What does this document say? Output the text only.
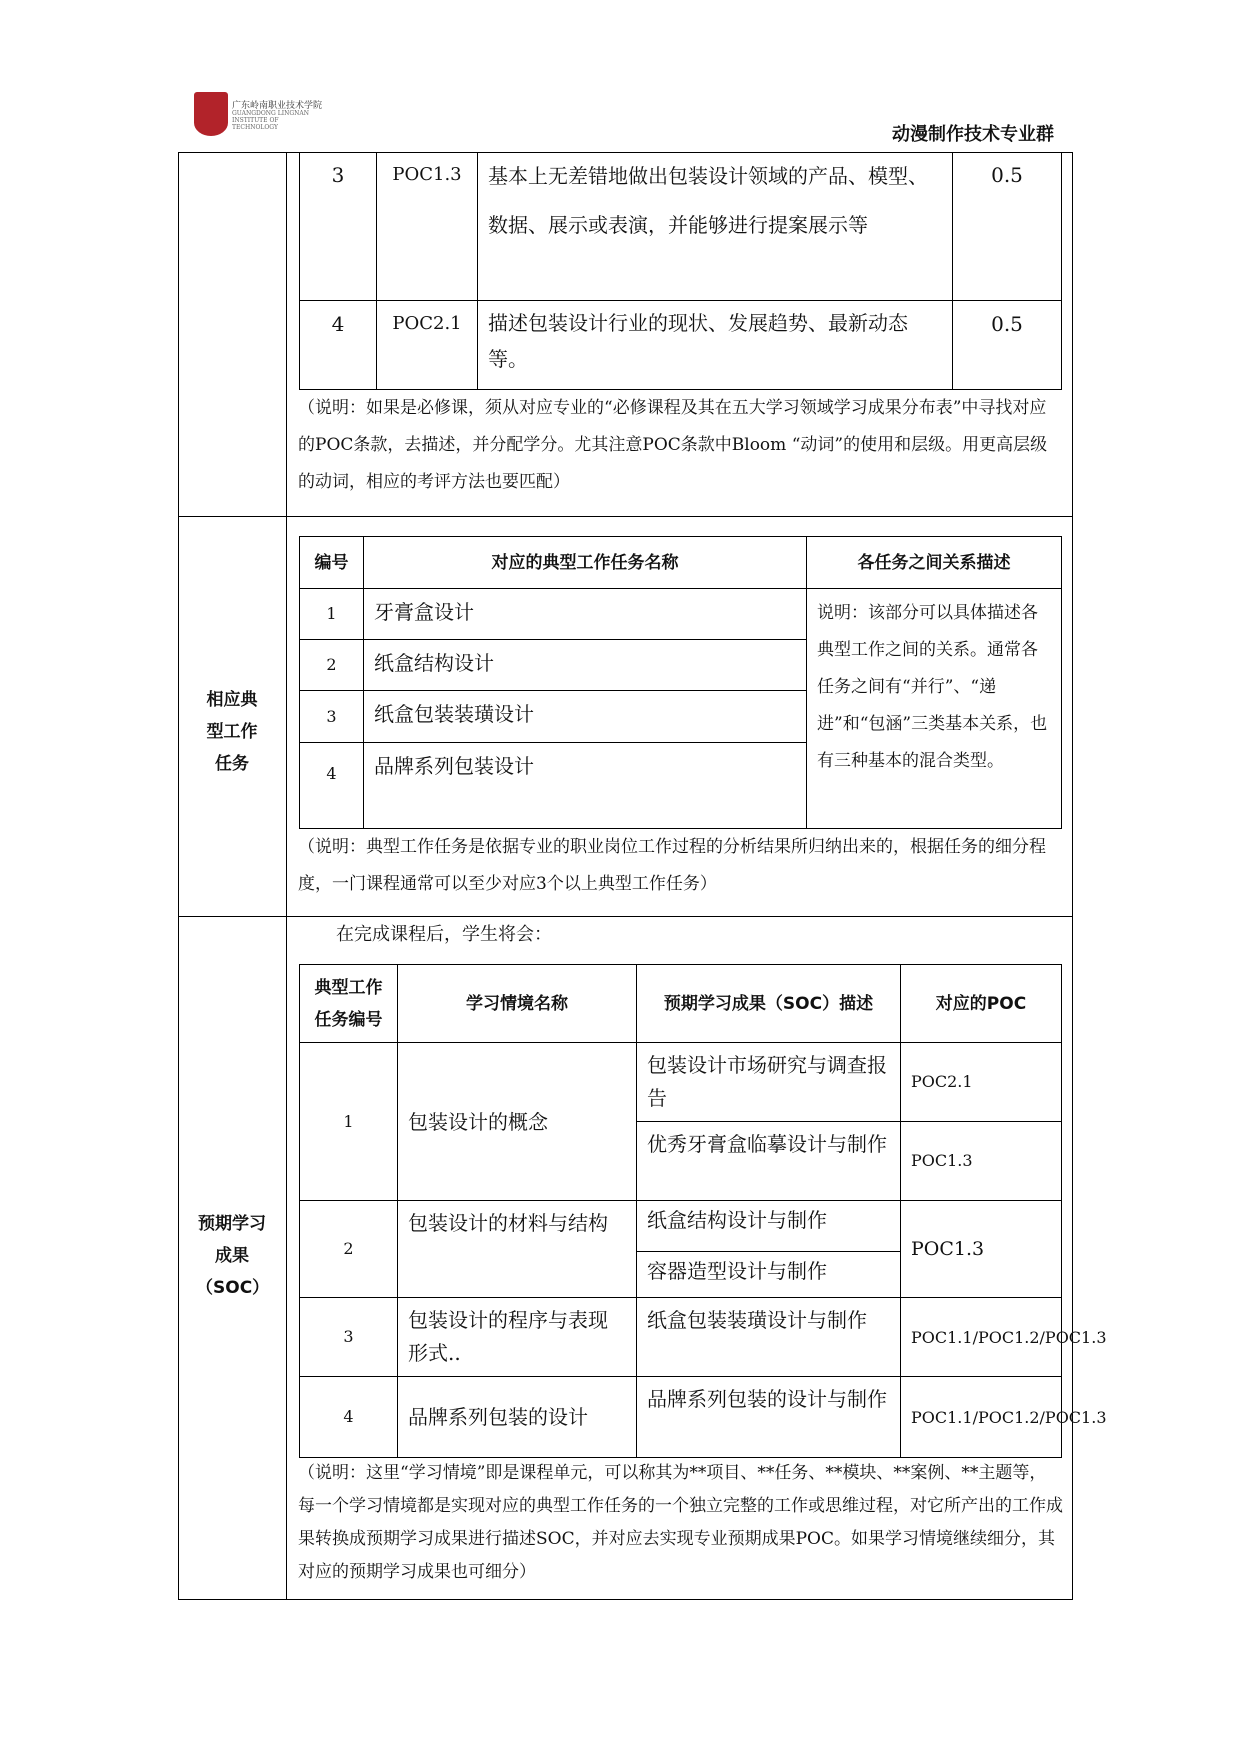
广东岭南职业技术学院
GUANGDONG LINGNAN INSTITUTE OF TECHNOLOGY	动漫制作技术专业群
3	POC1.3	基本上无差错地做出包装设计领域的产品、模型、数据、展示或表演，并能够进行提案展示等	0.5
4	POC2.1	描述包装设计行业的现状、发展趋势、最新动态等。	0.5
（说明：如果是必修课，须从对应专业的“必修课程及其在五大学习领域学习成果分布表”中寻找对应的POC条款，去描述，并分配学分。尤其注意POC条款中Bloom “动词”的使用和层级。用更高层级的动词，相应的考评方法也要匹配）
相应典型工作任务
编号	对应的典型工作任务名称	各任务之间关系描述
1	牙膏盒设计	说明：该部分可以具体描述各典型工作之间的关系。通常各任务之间有“并行”、“递进”和“包涵”三类基本关系，也有三种基本的混合类型。
2	纸盒结构设计	
3	纸盒包装装璜设计	
4	品牌系列包装设计	
（说明：典型工作任务是依据专业的职业岗位工作过程的分析结果所归纳出来的，根据任务的细分程度，一门课程通常可以至少对应3个以上典型工作任务）
预期学习成果（SOC）
在完成课程后，学生将会：
典型工作任务编号	学习情境名称	预期学习成果（SOC）描述	对应的POC
1	包装设计的概念	包装设计市场研究与调查报告	POC2.1
		优秀牙膏盒临摹设计与制作	POC1.3
2	包装设计的材料与结构	纸盒结构设计与制作	POC1.3
		容器造型设计与制作	
3	包装设计的程序与表现形式..	纸盒包装装璜设计与制作	POC1.1/POC1.2/POC1.3
4	品牌系列包装的设计	品牌系列包装的设计与制作	POC1.1/POC1.2/POC1.3
（说明：这里“学习情境”即是课程单元，可以称其为**项目、**任务、**模块、**案例、**主题等，每一个学习情境都是实现对应的典型工作任务的一个独立完整的工作或思维过程，对它所产出的工作成果转换成预期学习成果进行描述SOC，并对应去实现专业预期成果POC。如果学习情境继续细分，其对应的预期学习成果也可细分）
